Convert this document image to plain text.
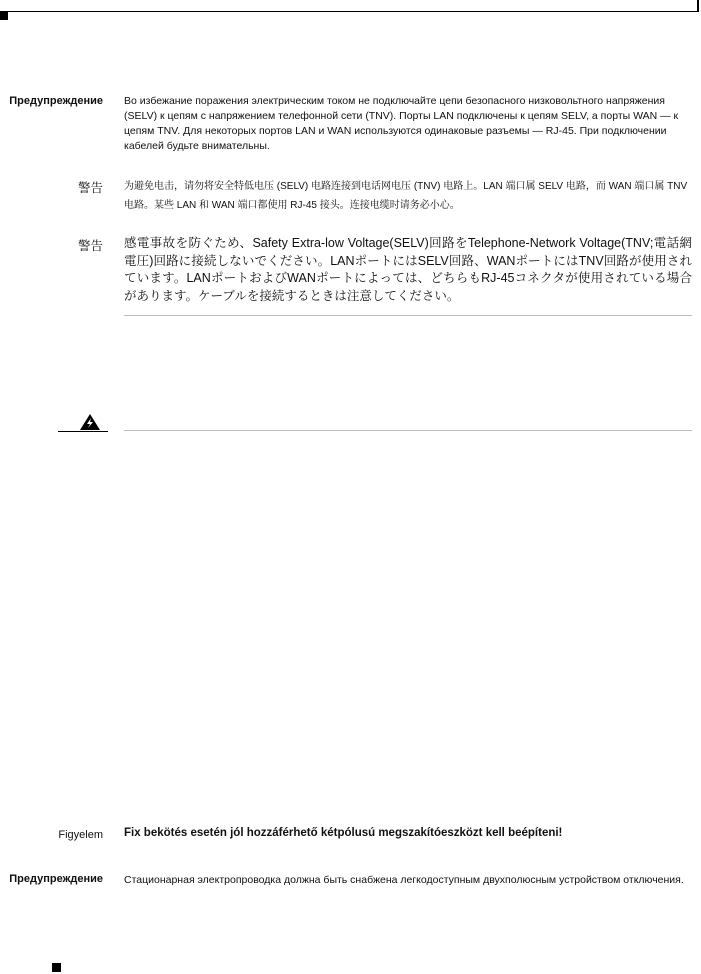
Предупреждение Во избежание поражения электрическим током не подключайте цепи безопасного низковольтного напряжения (SELV) к цепям с напряжением телефонной сети (TNV). Порты LAN подключены к цепям SELV, а порты WAN — к цепям TNV. Для некоторых портов LAN и WAN используются одинаковые разъемы — RJ-45. При подключении кабелей будьте внимательны.
警告 为避免电击，请勿将安全特低电压 (SELV) 电路连接到电话网电压 (TNV) 电路上。LAN 端口属 SELV 电路，而 WAN 端口属 TNV 电路。某些 LAN 和 WAN 端口都使用 RJ-45 接头。连接电缆时请务必小心。
警告 感電事故を防ぐため、Safety Extra-low Voltage(SELV)回路をTelephone-Network Voltage(TNV;電話網電圧)回路に接続しないでください。LANポートにはSELV回路、WANポートにはTNV回路が使用されています。LANポートおよびWANポートによっては、どちらもRJ-45コネクタが使用されている場合があります。ケーブルを接続するときは注意してください。
Figyelem Fix bekötés esetén jól hozzáférhető kétpólusú megszakítóeszközt kell beépíteni!
Предупреждение Стационарная электропроводка должна быть снабжена легкодоступным двухполюсным устройством отключения.
